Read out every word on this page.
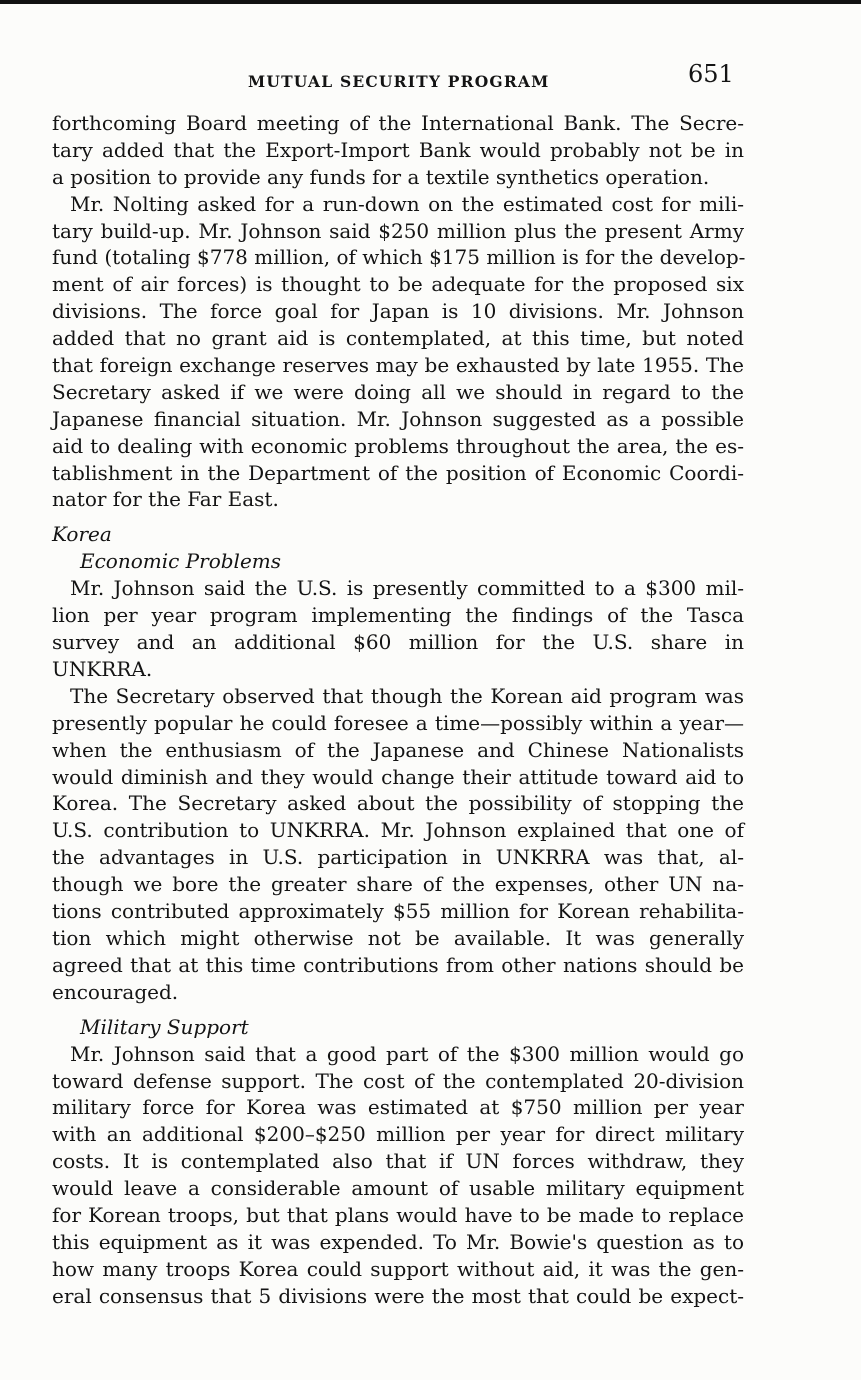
MUTUAL SECURITY PROGRAM	651
forthcoming Board meeting of the International Bank. The Secre-
tary added that the Export-Import Bank would probably not be in
a position to provide any funds for a textile synthetics operation.
Mr. Nolting asked for a run-down on the estimated cost for mili-
tary build-up. Mr. Johnson said $250 million plus the present Army
fund (totaling $778 million, of which $175 million is for the develop-
ment of air forces) is thought to be adequate for the proposed six
divisions. The force goal for Japan is 10 divisions. Mr. Johnson
added that no grant aid is contemplated, at this time, but noted
that foreign exchange reserves may be exhausted by late 1955. The
Secretary asked if we were doing all we should in regard to the
Japanese financial situation. Mr. Johnson suggested as a possible
aid to dealing with economic problems throughout the area, the es-
tablishment in the Department of the position of Economic Coordi-
nator for the Far East.
Korea
Economic Problems
Mr. Johnson said the U.S. is presently committed to a $300 mil-
lion per year program implementing the findings of the Tasca
survey and an additional $60 million for the U.S. share in
UNKRRA.
The Secretary observed that though the Korean aid program was
presently popular he could foresee a time—possibly within a year—
when the enthusiasm of the Japanese and Chinese Nationalists
would diminish and they would change their attitude toward aid to
Korea. The Secretary asked about the possibility of stopping the
U.S. contribution to UNKRRA. Mr. Johnson explained that one of
the advantages in U.S. participation in UNKRRA was that, al-
though we bore the greater share of the expenses, other UN na-
tions contributed approximately $55 million for Korean rehabilita-
tion which might otherwise not be available. It was generally
agreed that at this time contributions from other nations should be
encouraged.
Military Support
Mr. Johnson said that a good part of the $300 million would go
toward defense support. The cost of the contemplated 20-division
military force for Korea was estimated at $750 million per year
with an additional $200–$250 million per year for direct military
costs. It is contemplated also that if UN forces withdraw, they
would leave a considerable amount of usable military equipment
for Korean troops, but that plans would have to be made to replace
this equipment as it was expended. To Mr. Bowie's question as to
how many troops Korea could support without aid, it was the gen-
eral consensus that 5 divisions were the most that could be expect-
